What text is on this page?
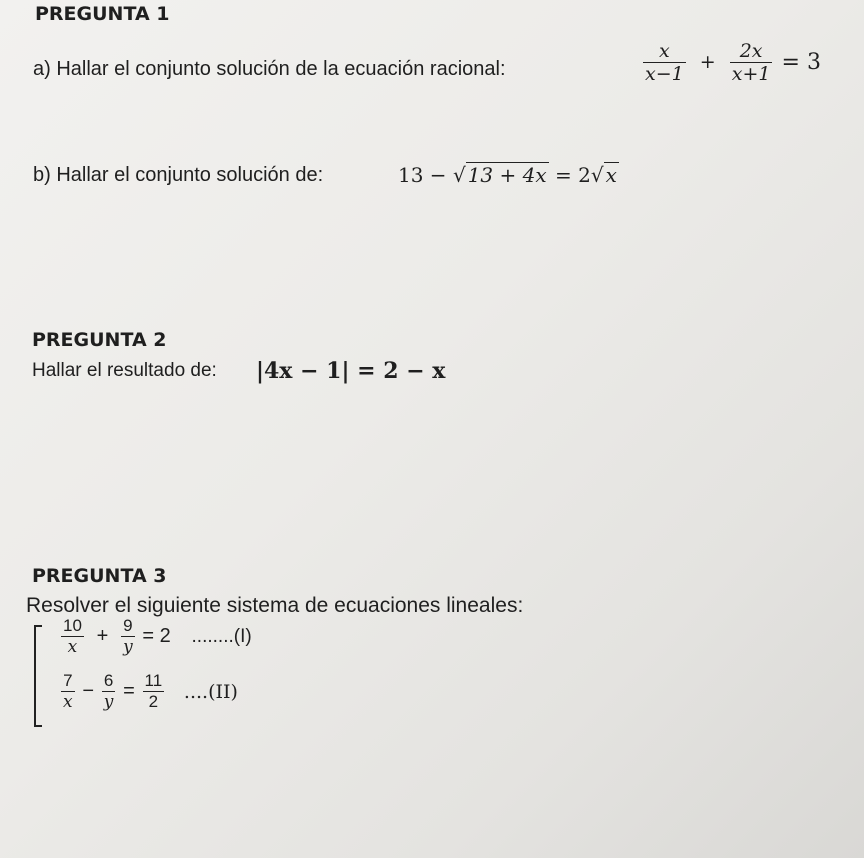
PREGUNTA 1
a) Hallar el conjunto solución de la ecuación racional:	$\frac{x}{x-1} + \frac{2x}{x+1} = 3$
b) Hallar el conjunto solución de:	13 − √ 13 + 4x = 2√ x
PREGUNTA 2
Hallar el resultado de: |4x − 1| = 2 − x
PREGUNTA 3
Resolver el siguiente sistema de ecuaciones lineales:
$\frac{10}{x} + \frac{9}{y} = 2$ ........(I)
$\frac{7}{x} - \frac{6}{y} = \frac{11}{2} ....(II)$
